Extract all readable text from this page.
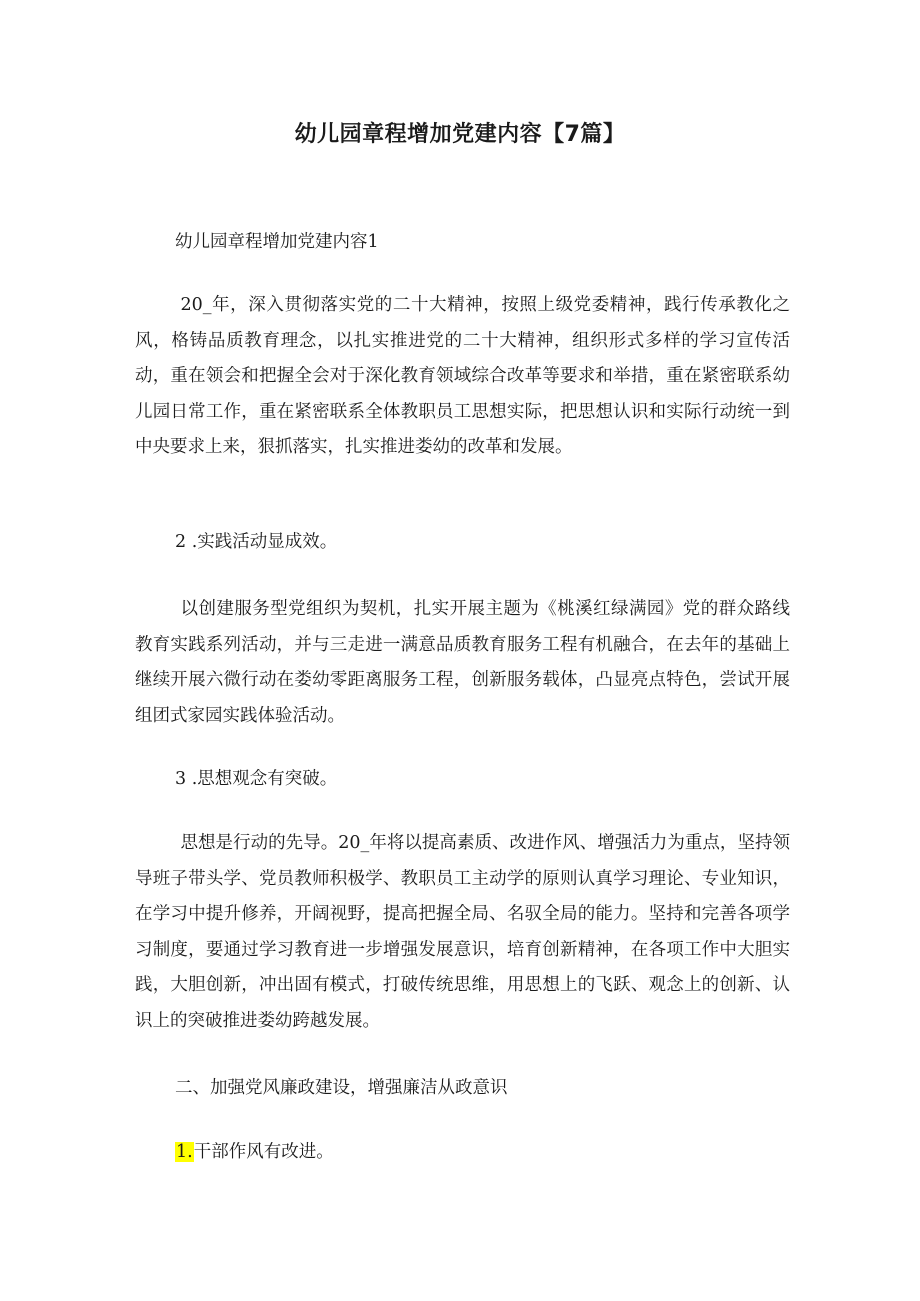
幼儿园章程增加党建内容【7篇】

幼儿园章程增加党建内容1

20_年，深入贯彻落实党的二十大精神，按照上级党委精神，践行传承教化之风，格铸品质教育理念，以扎实推进党的二十大精神，组织形式多样的学习宣传活动，重在领会和把握全会对于深化教育领域综合改革等要求和举措，重在紧密联系幼儿园日常工作，重在紧密联系全体教职员工思想实际，把思想认识和实际行动统一到中央要求上来，狠抓落实，扎实推进娄幼的改革和发展。

2 .实践活动显成效。

以创建服务型党组织为契机，扎实开展主题为《桃溪红绿满园》党的群众路线教育实践系列活动，并与三走进一满意品质教育服务工程有机融合，在去年的基础上继续开展六微行动在娄幼零距离服务工程，创新服务载体，凸显亮点特色，尝试开展组团式家园实践体验活动。

3 .思想观念有突破。

思想是行动的先导。20_年将以提高素质、改进作风、增强活力为重点，坚持领导班子带头学、党员教师积极学、教职员工主动学的原则认真学习理论、专业知识，在学习中提升修养，开阔视野，提高把握全局、名驭全局的能力。坚持和完善各项学习制度，要通过学习教育进一步增强发展意识，培育创新精神，在各项工作中大胆实践，大胆创新，冲出固有模式，打破传统思维，用思想上的飞跃、观念上的创新、认识上的突破推进娄幼跨越发展。

二、加强党风廉政建设，增强廉洁从政意识

1.干部作风有改进。
